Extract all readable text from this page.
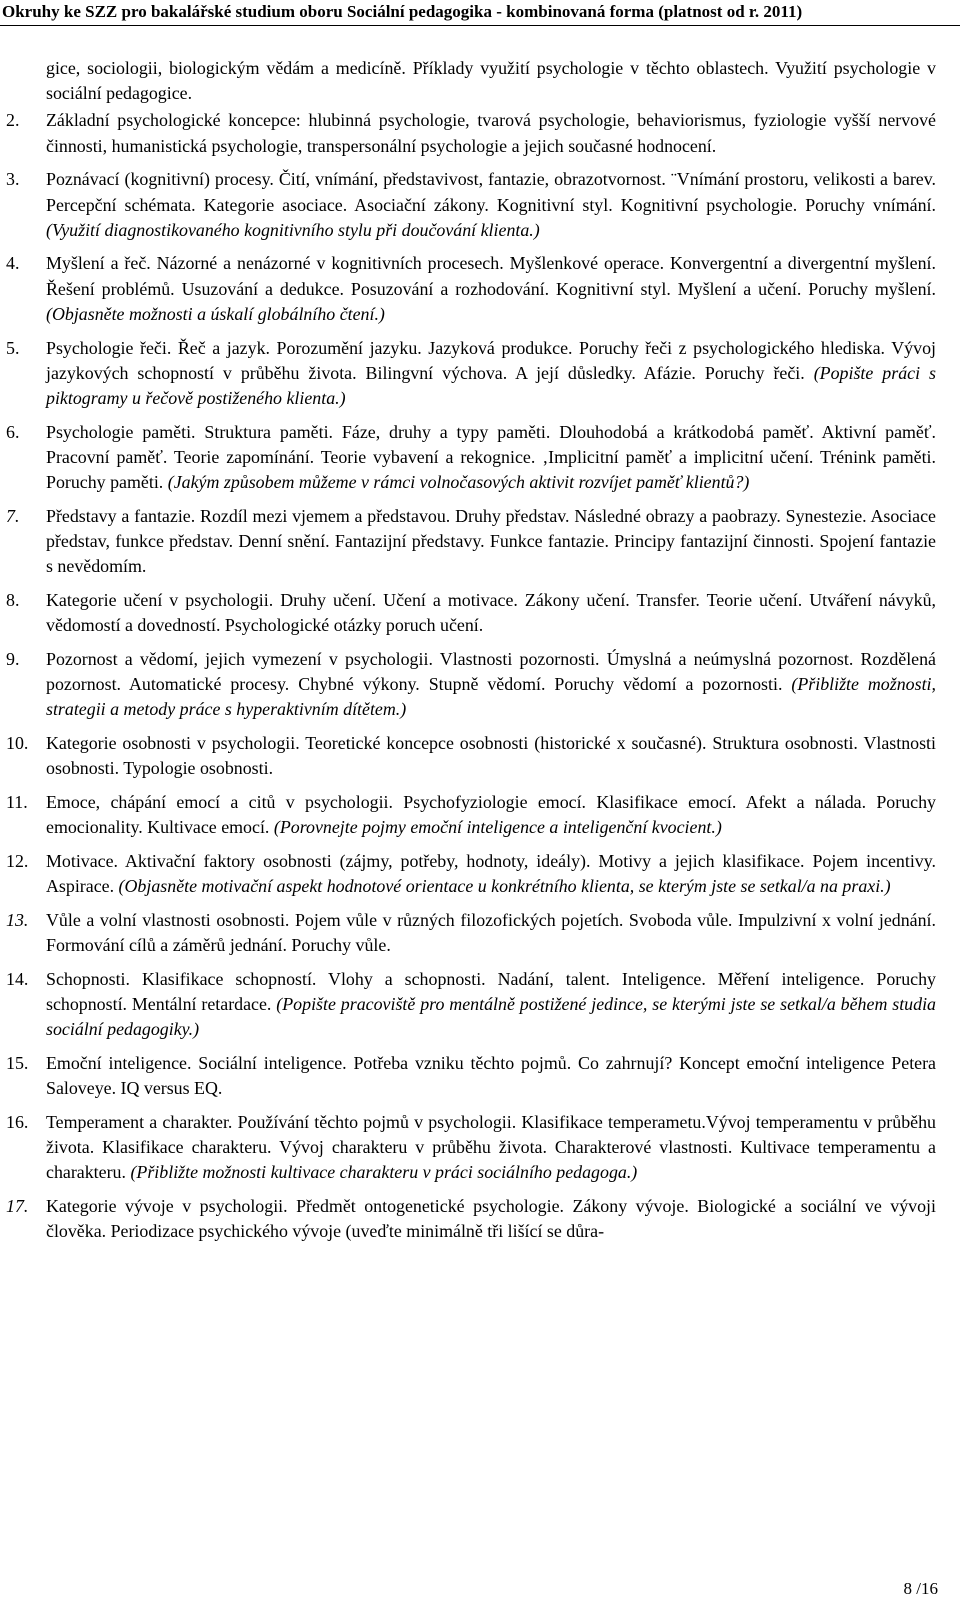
Okruhy ke SZZ pro bakalářské studium oboru Sociální pedagogika - kombinovaná forma (platnost od r. 2011)
gice, sociologii, biologickým vědám a medicíně. Příklady využití psychologie v těchto oblastech. Využití psychologie v sociální pedagogice.
2. Základní psychologické koncepce: hlubinná psychologie, tvarová psychologie, behaviorismus, fyziologie vyšší nervové činnosti, humanistická psychologie, transpersonální psychologie a jejich současné hodnocení.
3. Poznávací (kognitivní) procesy. Čití, vnímání, představivost, fantazie, obrazotvornost. ¨Vnímání prostoru, velikosti a barev. Percepční schémata. Kategorie asociace. Asociační zákony. Kognitivní styl. Kognitivní psychologie. Poruchy vnímání. (Využití diagnostikovaného kognitivního stylu při doučování klienta.)
4. Myšlení a řeč. Názorné a nenázorné v kognitivních procesech. Myšlenkové operace. Konvergentní a divergentní myšlení. Řešení problémů. Usuzování a dedukce. Posuzování a rozhodování. Kognitivní styl. Myšlení a učení. Poruchy myšlení. (Objasněte možnosti a úskalí globálního čtení.)
5. Psychologie řeči. Řeč a jazyk. Porozumění jazyku. Jazyková produkce. Poruchy řeči z psychologického hlediska. Vývoj jazykových schopností v průběhu života. Bilingvní výchova. A její důsledky. Afázie. Poruchy řeči. (Popište práci s piktogramy u řečově postiženého klienta.)
6. Psychologie paměti. Struktura paměti. Fáze, druhy a typy paměti. Dlouhodobá a krátkodobá paměť. Aktivní paměť. Pracovní paměť. Teorie zapomínání. Teorie vybavení a rekognice. ‚Implicitní paměť a implicitní učení. Trénink paměti. Poruchy paměti. (Jakým způsobem můžeme v rámci volnočasových aktivit rozvíjet paměť klientů?)
7. Představy a fantazie. Rozdíl mezi vjemem a představou. Druhy představ. Následné obrazy a paobrazy. Synestezie. Asociace představ, funkce představ. Denní snění. Fantazijní představy. Funkce fantazie. Principy fantazijní činnosti. Spojení fantazie s nevědomím.
8. Kategorie učení v psychologii. Druhy učení. Učení a motivace. Zákony učení. Transfer. Teorie učení. Utváření návyků, vědomostí a dovedností. Psychologické otázky poruch učení.
9. Pozornost a vědomí, jejich vymezení v psychologii. Vlastnosti pozornosti. Úmyslná a neúmyslná pozornost. Rozdělená pozornost. Automatické procesy. Chybné výkony. Stupně vědomí. Poruchy vědomí a pozornosti. (Přibližte možnosti, strategii a metody práce s hyperaktivním dítětem.)
10. Kategorie osobnosti v psychologii. Teoretické koncepce osobnosti (historické x současné). Struktura osobnosti. Vlastnosti osobnosti. Typologie osobnosti.
11. Emoce, chápání emocí a citů v psychologii. Psychofyziologie emocí. Klasifikace emocí. Afekt a nálada. Poruchy emocionality. Kultivace emocí. (Porovnejte pojmy emoční inteligence a inteligenční kvocient.)
12. Motivace. Aktivační faktory osobnosti (zájmy, potřeby, hodnoty, ideály). Motivy a jejich klasifikace. Pojem incentivy. Aspirace. (Objasněte motivační aspekt hodnotové orientace u konkrétního klienta, se kterým jste se setkal/a na praxi.)
13. Vůle a volní vlastnosti osobnosti. Pojem vůle v různých filozofických pojetích. Svoboda vůle. Impulzivní x volní jednání. Formování cílů a záměrů jednání. Poruchy vůle.
14. Schopnosti. Klasifikace schopností. Vlohy a schopnosti. Nadání, talent. Inteligence. Měření inteligence. Poruchy schopností. Mentální retardace. (Popište pracoviště pro mentálně postižené jedince, se kterými jste se setkal/a během studia sociální pedagogiky.)
15. Emoční inteligence. Sociální inteligence. Potřeba vzniku těchto pojmů. Co zahrnují? Koncept emoční inteligence Petera Saloveye. IQ versus EQ.
16. Temperament a charakter. Používání těchto pojmů v psychologii. Klasifikace temperametu.Vývoj temperamentu v průběhu života. Klasifikace charakteru. Vývoj charakteru v průběhu života. Charakterové vlastnosti. Kultivace temperamentu a charakteru. (Přibližte možnosti kultivace charakteru v práci sociálního pedagoga.)
17. Kategorie vývoje v psychologii. Předmět ontogenetické psychologie. Zákony vývoje. Biologické a sociální ve vývoji člověka. Periodizace psychického vývoje (uveďte minimálně tři lišící se důra-
8 /16
